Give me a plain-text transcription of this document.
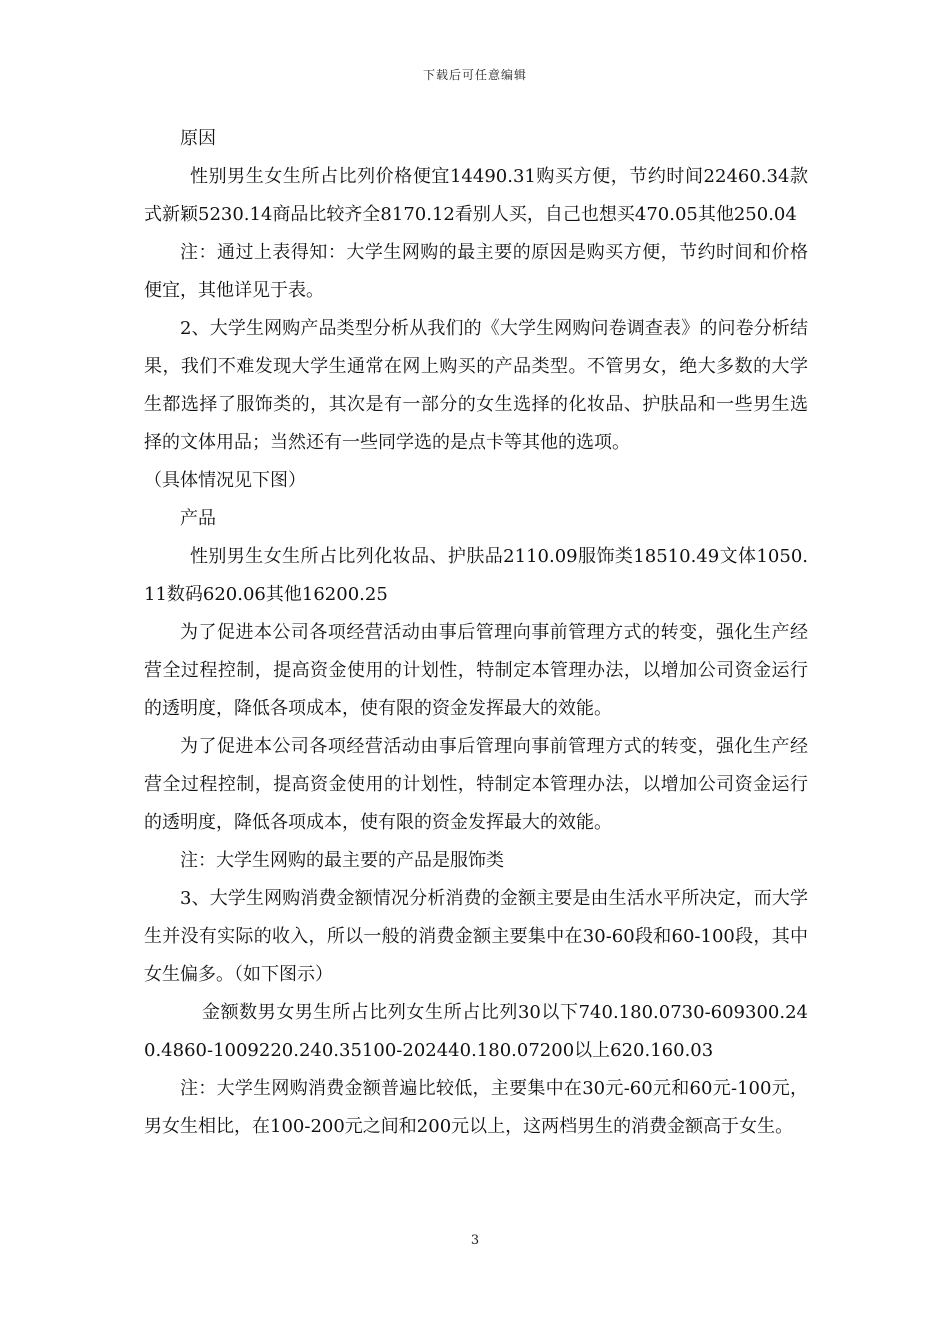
下载后可任意编辑

原因

性别男生女生所占比列价格便宜14490.31购买方便，节约时间22460.34款式新颖5230.14商品比较齐全8170.12看别人买，自己也想买470.05其他250.04

注：通过上表得知：大学生网购的最主要的原因是购买方便，节约时间和价格便宜，其他详见于表。

2、大学生网购产品类型分析从我们的《大学生网购问卷调查表》的问卷分析结果，我们不难发现大学生通常在网上购买的产品类型。不管男女，绝大多数的大学生都选择了服饰类的，其次是有一部分的女生选择的化妆品、护肤品和一些男生选择的文体用品；当然还有一些同学选的是点卡等其他的选项。

（具体情况见下图）

产品

性别男生女生所占比列化妆品、护肤品2110.09服饰类18510.49文体1050.11数码620.06其他16200.25

为了促进本公司各项经营活动由事后管理向事前管理方式的转变，强化生产经营全过程控制，提高资金使用的计划性，特制定本管理办法，以增加公司资金运行的透明度，降低各项成本，使有限的资金发挥最大的效能。

为了促进本公司各项经营活动由事后管理向事前管理方式的转变，强化生产经营全过程控制，提高资金使用的计划性，特制定本管理办法，以增加公司资金运行的透明度，降低各项成本，使有限的资金发挥最大的效能。

注：大学生网购的最主要的产品是服饰类

3、大学生网购消费金额情况分析消费的金额主要是由生活水平所决定，而大学生并没有实际的收入，所以一般的消费金额主要集中在30-60段和60-100段，其中女生偏多。（如下图示）

金额数男女男生所占比列女生所占比列30以下740.180.0730-609300.240.4860-1009220.240.35100-202440.180.07200以上620.160.03

注：大学生网购消费金额普遍比较低，主要集中在30元-60元和60元-100元，男女生相比，在100-200元之间和200元以上，这两档男生的消费金额高于女生。

3
